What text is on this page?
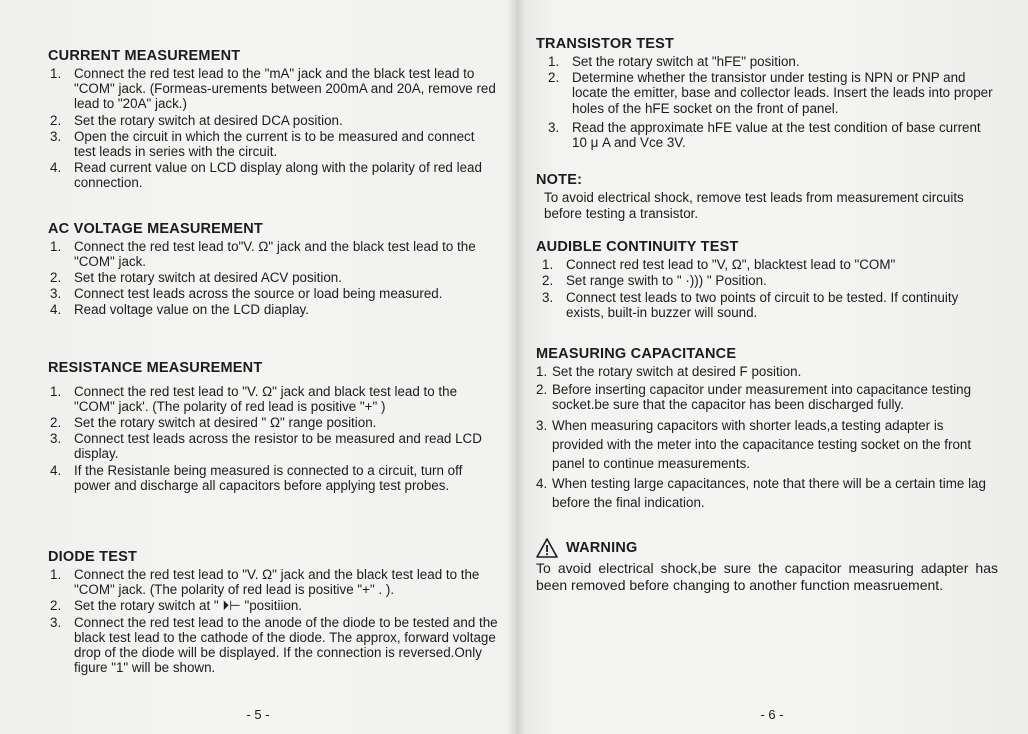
CURRENT MEASUREMENT
1. Connect the red test lead to the "mA" jack and the black test lead to "COM" jack. (Formeas-urements between 200mA and 20A, remove red lead to "20A" jack.)
2. Set the rotary switch at desired DCA position.
3. Open the circuit in which the current is to be measured and connect test leads in series with the circuit.
4. Read current value on LCD display along with the polarity of red lead connection.
AC VOLTAGE MEASUREMENT
1. Connect the red test lead to"V. Ω" jack and the black test lead to the "COM" jack.
2. Set the rotary switch at desired ACV position.
3. Connect test leads across the source or load being measured.
4. Read voltage value on the LCD diaplay.
RESISTANCE MEASUREMENT
1. Connect the red test lead to "V. Ω" jack and black test lead to the "COM" jack'. (The polarity of red lead is positive "+" )
2. Set the rotary switch at desired " Ω" range position.
3. Connect test leads across the resistor to be measured and read LCD display.
4. If the Resistanle being measured is connected to a circuit, turn off power and discharge all capacitors before applying test probes.
DIODE TEST
1. Connect the red test lead to "V. Ω" jack and the black test lead to the "COM" jack. (The polarity of red lead is positive "+" . ).
2. Set the rotary switch at " ⏵⊢ "positiion.
3. Connect the red test lead to the anode of the diode to be tested and the black test lead to the cathode of the diode. The approx, forward voltage drop of the diode will be displayed. If the connection is reversed.Only figure "1" will be shown.
- 5 -
TRANSISTOR TEST
1. Set the rotary switch at "hFE" position.
2. Determine whether the transistor under testing is NPN or PNP and locate the emitter, base and collector leads. Insert the leads into proper holes of the hFE socket on the front of panel.
3. Read the approximate hFE value at the test condition of base current 10 μ A and Vce 3V.
NOTE:
To avoid electrical shock, remove test leads from measurement circuits before testing a transistor.
AUDIBLE CONTINUITY TEST
1. Connect red test lead to "V, Ω", blacktest lead to "COM"
2. Set range swith to " ·))) " Position.
3. Connect test leads to two points of circuit to be tested. If continuity exists, built-in buzzer will sound.
MEASURING CAPACITANCE
1. Set the rotary switch at desired F position.
2. Before inserting capacitor under measurement into capacitance testing socket.be sure that the capacitor has been discharged fully.
3. When measuring capacitors with shorter leads,a testing adapter is provided with the meter into the capacitance testing socket on the front panel to continue measurements.
4. When testing large capacitances, note that there will be a certain time lag before the final indication.
WARNING
To avoid electrical shock,be sure the capacitor measuring adapter has been removed before changing to another function measruement.
- 6 -
